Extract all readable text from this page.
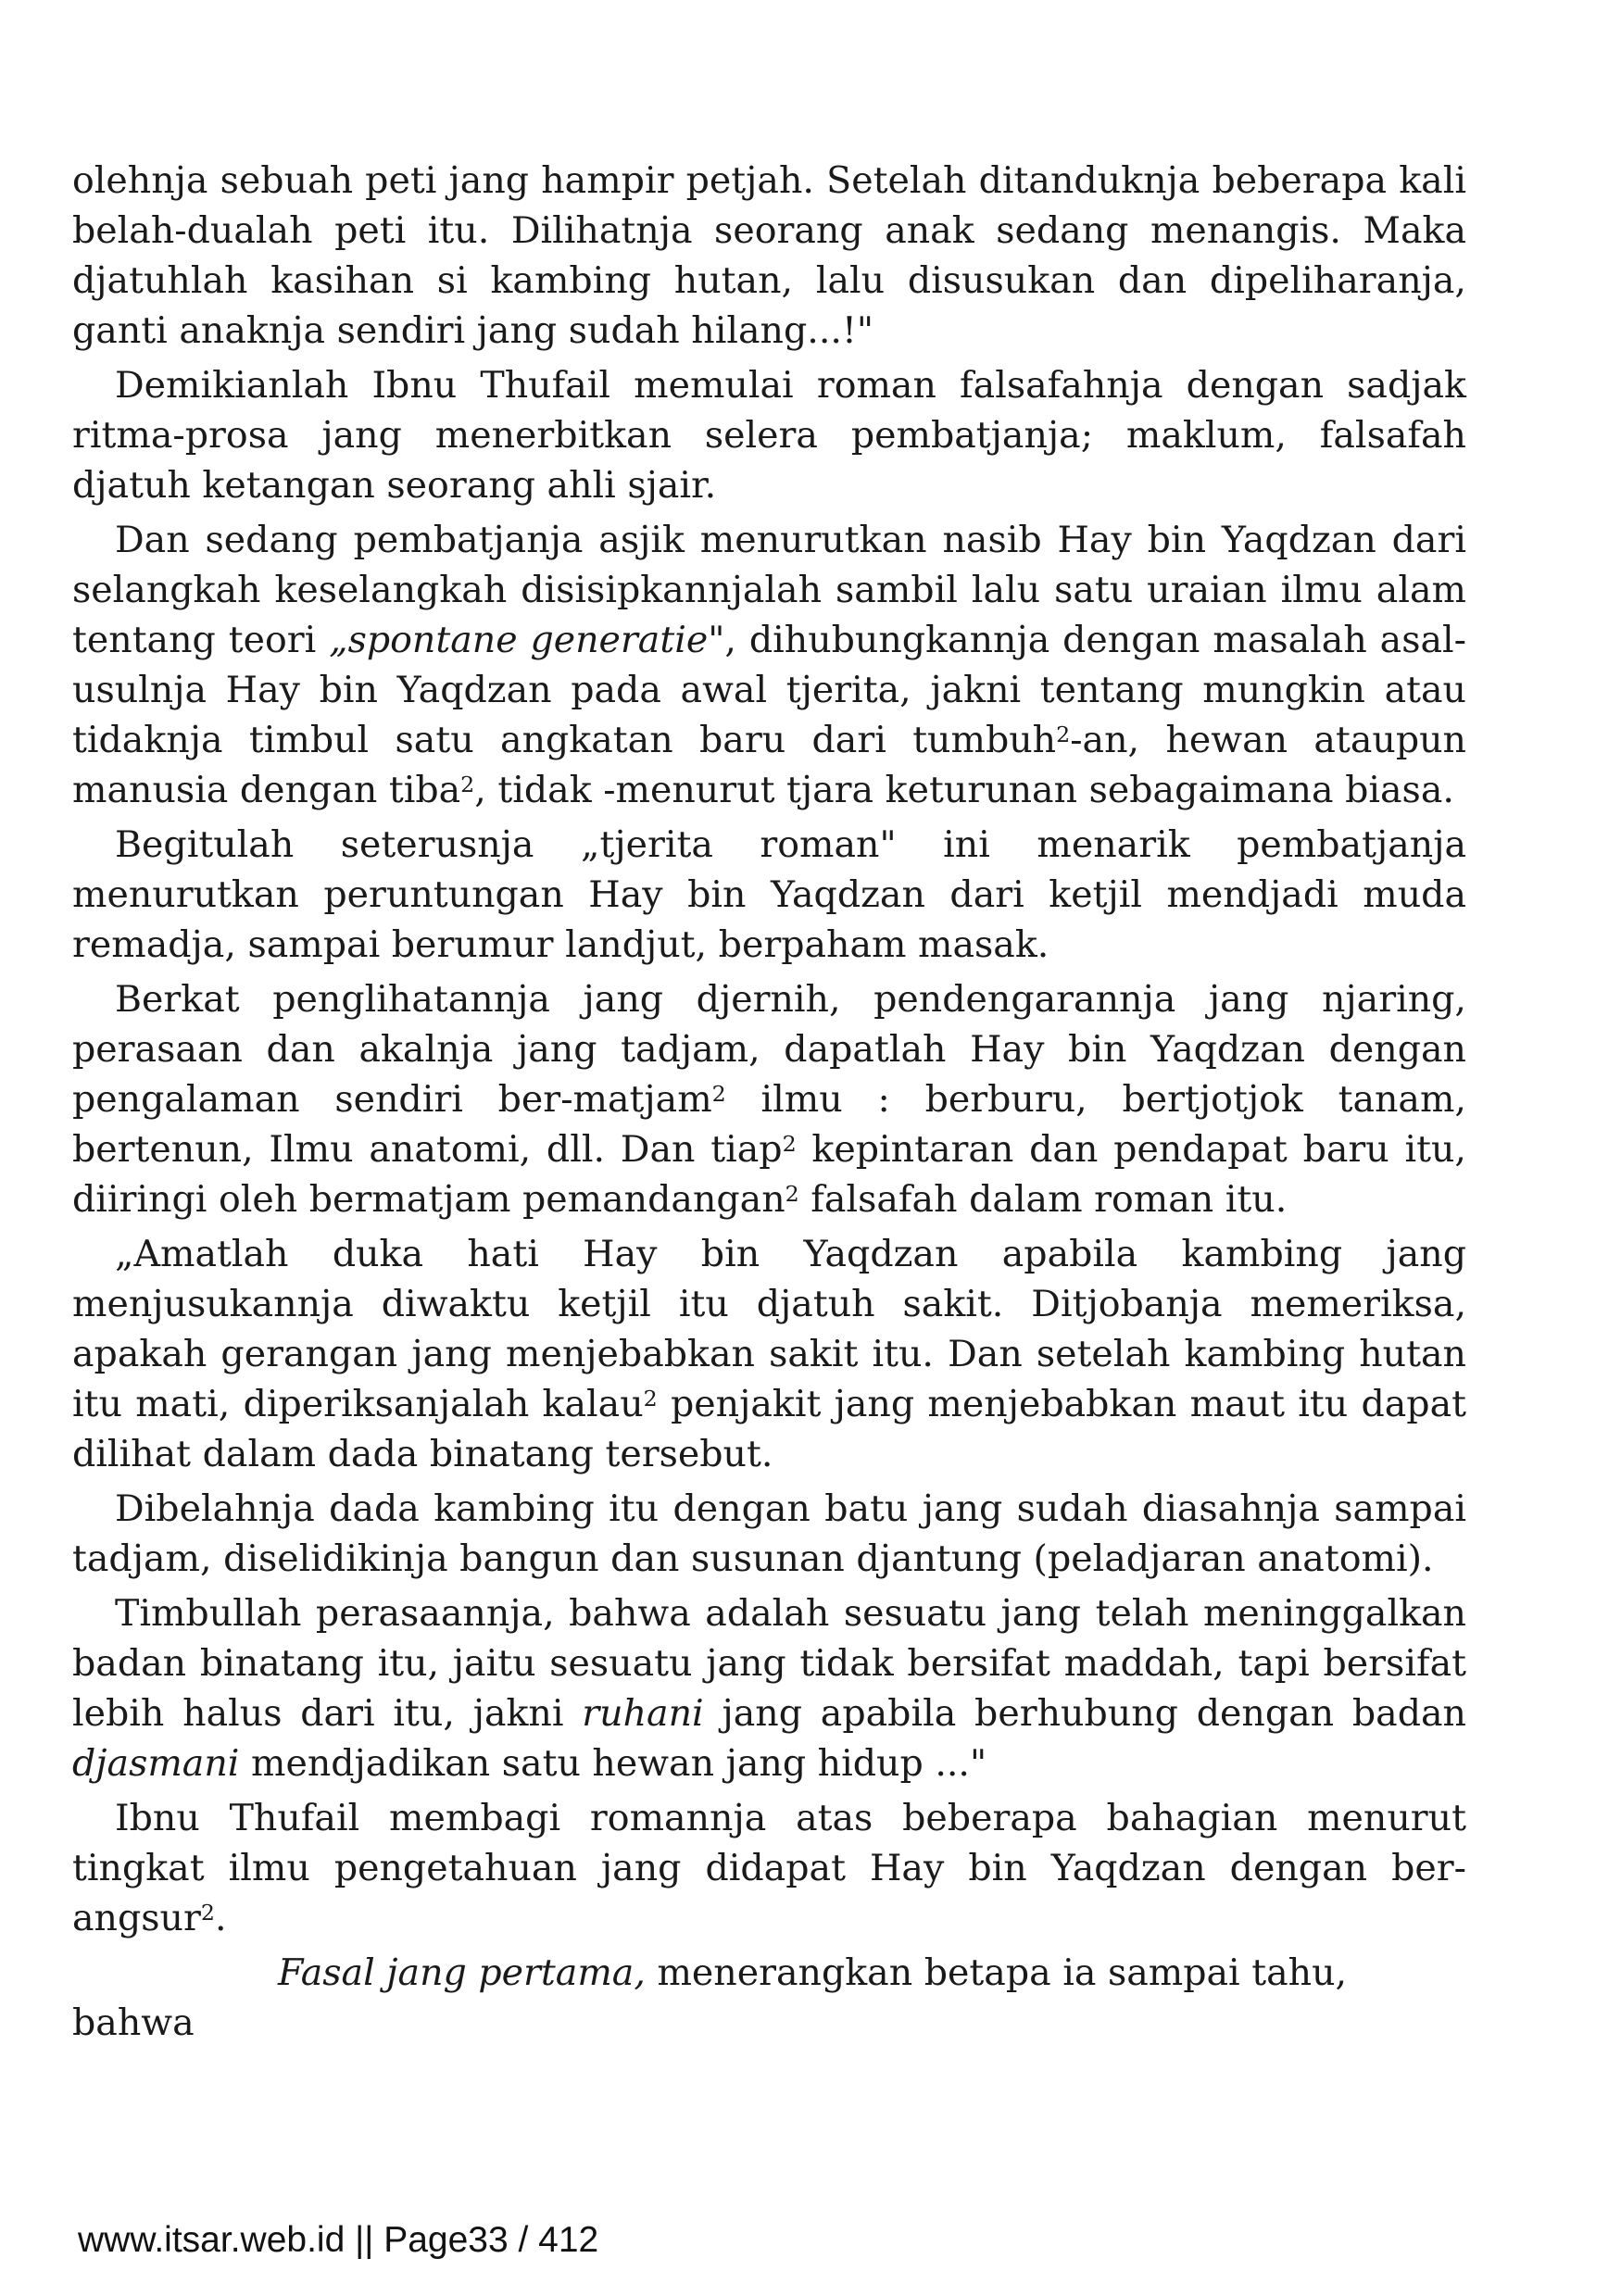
olehnja sebuah peti jang hampir petjah. Setelah ditanduknja beberapa kali belah-dualah peti itu. Dilihatnja seorang anak sedang menangis. Maka djatuhlah kasihan si kambing hutan, lalu disusukan dan dipeliharanja, ganti anaknja sendiri jang sudah hilang...!"

Demikianlah Ibnu Thufail memulai roman falsafahnja dengan sadjak ritma-prosa jang menerbitkan selera pembatjanja; maklum, falsafah djatuh ketangan seorang ahli sjair.

Dan sedang pembatjanja asjik menurutkan nasib Hay bin Yaqdzan dari selangkah keselangkah disisipkannjalah sambil lalu satu uraian ilmu alam tentang teori „spontane generatie", dihubungkannja dengan masalah asal-usulnja Hay bin Yaqdzan pada awal tjerita, jakni tentang mungkin atau tidaknja timbul satu angkatan baru dari tumbuh$^2$-an, hewan ataupun manusia dengan tiba$^2$, tidak -menurut tjara keturunan sebagaimana biasa.

Begitulah seterusnja „tjerita roman" ini menarik pembatjanja menurutkan peruntungan Hay bin Yaqdzan dari ketjil mendjadi muda remadja, sampai berumur landjut, berpaham masak.

Berkat penglihatannja jang djernih, pendengarannja jang njaring, perasaan dan akalnja jang tadjam, dapatlah Hay bin Yaqdzan dengan pengalaman sendiri ber-matjam$^2$ ilmu : berburu, bertjotjok tanam, bertenun, Ilmu anatomi, dll. Dan tiap$^2$ kepintaran dan pendapat baru itu, diiringi oleh bermatjam pemandangan$^2$ falsafah dalam roman itu.

„Amatlah duka hati Hay bin Yaqdzan apabila kambing jang menjusukannja diwaktu ketjil itu djatuh sakit. Ditjobanja memeriksa, apakah gerangan jang menjebabkan sakit itu. Dan setelah kambing hutan itu mati, diperiksanjalah kalau$^2$ penjakit jang menjebabkan maut itu dapat dilihat dalam dada binatang tersebut.

Dibelahnja dada kambing itu dengan batu jang sudah diasahnja sampai tadjam, diselidikinja bangun dan susunan djantung (peladjaran anatomi).

Timbullah perasaannja, bahwa adalah sesuatu jang telah meninggalkan badan binatang itu, jaitu sesuatu jang tidak bersifat maddah, tapi bersifat lebih halus dari itu, jakni ruhani jang apabila berhubung dengan badan djasmani mendjadikan satu hewan jang hidup ..."

Ibnu Thufail membagi romannja atas beberapa bahagian menurut tingkat ilmu pengetahuan jang didapat Hay bin Yaqdzan dengan ber-angsur$^2$.

Fasal jang pertama, menerangkan betapa ia sampai tahu, bahwa

www.itsar.web.id || Page33 / 412
